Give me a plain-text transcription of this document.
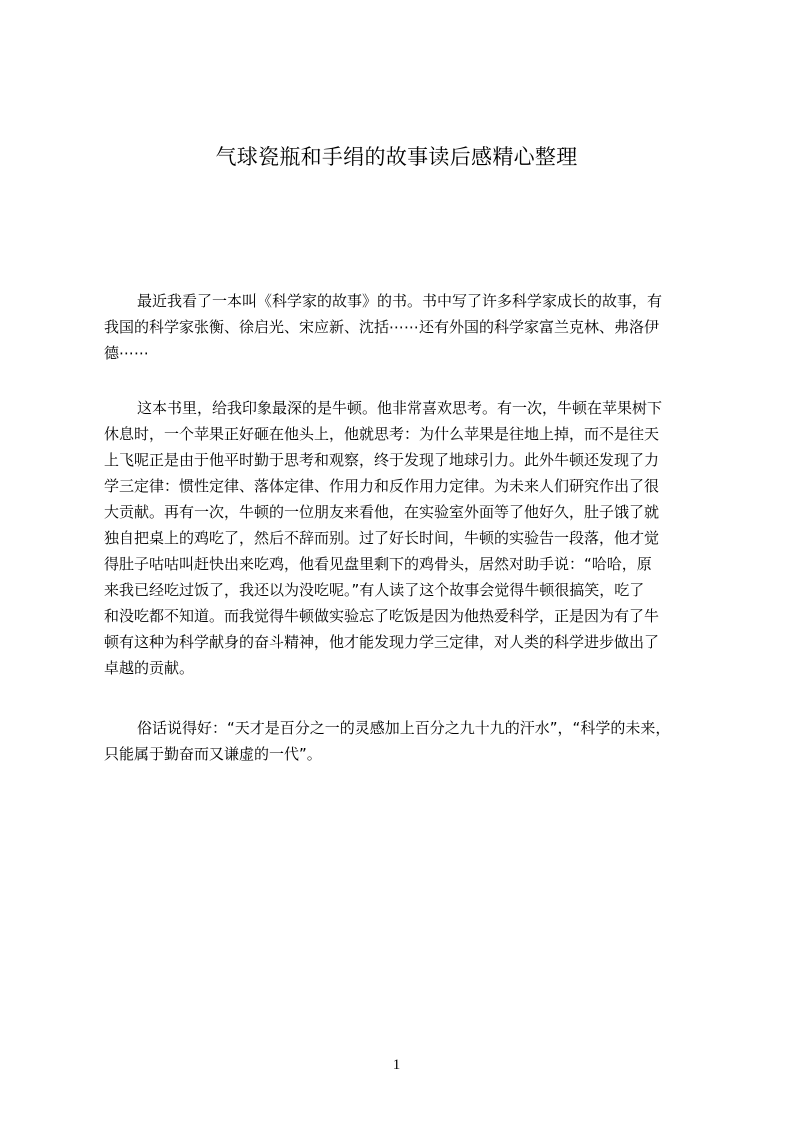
气球瓷瓶和手绢的故事读后感精心整理
最近我看了一本叫《科学家的故事》的书。书中写了许多科学家成长的故事，有
我国的科学家张衡、徐启光、宋应新、沈括⋯⋯还有外国的科学家富兰克林、弗洛伊
德⋯⋯
这本书里，给我印象最深的是牛顿。他非常喜欢思考。有一次，牛顿在苹果树下
休息时，一个苹果正好砸在他头上，他就思考：为什么苹果是往地上掉，而不是往天
上飞呢正是由于他平时勤于思考和观察，终于发现了地球引力。此外牛顿还发现了力
学三定律：惯性定律、落体定律、作用力和反作用力定律。为未来人们研究作出了很
大贡献。再有一次，牛顿的一位朋友来看他，在实验室外面等了他好久，肚子饿了就
独自把桌上的鸡吃了，然后不辞而别。过了好长时间，牛顿的实验告一段落，他才觉
得肚子咕咕叫赶快出来吃鸡，他看见盘里剩下的鸡骨头，居然对助手说：“哈哈，原
来我已经吃过饭了，我还以为没吃呢。”有人读了这个故事会觉得牛顿很搞笑，吃了
和没吃都不知道。而我觉得牛顿做实验忘了吃饭是因为他热爱科学，正是因为有了牛
顿有这种为科学献身的奋斗精神，他才能发现力学三定律，对人类的科学进步做出了
卓越的贡献。
俗话说得好：“天才是百分之一的灵感加上百分之九十九的汗水”，“科学的未来，
只能属于勤奋而又谦虚的一代”。
1
